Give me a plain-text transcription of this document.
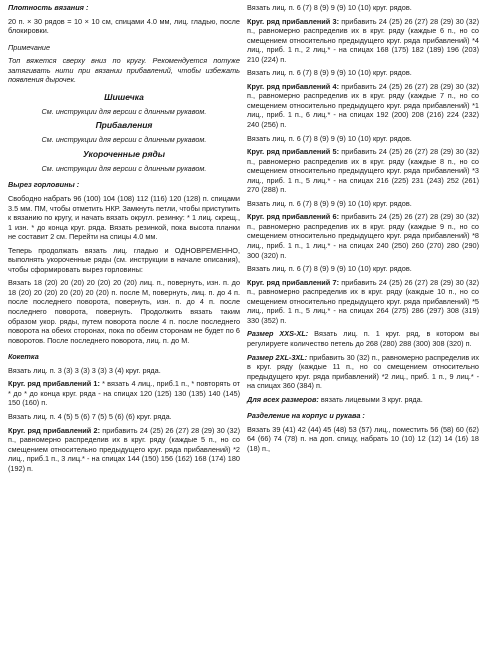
Плотность вязания :

20 п. × 30 рядов = 10 × 10 см, спицами 4.0 мм, лиц. гладью, после блокировки.

Примечание

Топ вяжется сверху вниз по кругу. Рекомендуется потуже затягивать нити при вязании прибавлений, чтобы избежать появления дырочек.

Шишечка

См. инструкции для версии с длинным рукавом.

Прибавления

См. инструкции для версии с длинным рукавом.

Укороченные ряды

См. инструкции для версии с длинным рукавом.

Вырез горловины :

Свободно набрать 96 (100) 104 (108) 112 (116) 120 (128) п. спицами 3.5 мм. ПМ, чтобы отметить НКР. Замкнуть петли, чтобы приступить к вязанию по кругу, и начать вязать округл. резинку: * 1 лиц. скрещ., 1 изн. * до конца круг. ряда. Вязать резинкой, пока высота планки не составит 2 см. Перейти на спицы 4.0 мм.

Теперь продолжать вязать лиц. гладью и ОДНОВРЕМЕННО, выполнять укороченные ряды (см. инструкции в начале описания), чтобы сформировать вырез горловины:

Вязать 18 (20) 20 (20) 20 (20) 20 (20) лиц. п., повернуть, изн. п. до 18 (20) 20 (20) 20 (20) 20 (20) п. после М, повернуть, лиц. п. до 4 п. после последнего поворота, повернуть, изн. п. до 4 п. после последнего поворота, повернуть. Продолжить вязать таким образом укор. ряды, путем поворота после 4 п. после последнего поворота на обеих сторонах, пока по обеим сторонам не будет по 6 поворотов. После последнего поворота, лиц. п. до М.

Кокетка

Вязать лиц. п. 3 (3) 3 (3) 3 (3) 3 (4) круг. ряда.

Круг. ряд прибавлений 1: * вязать 4 лиц., приб.1 п., * повторять от * до * до конца круг. ряда - на спицах 120 (125) 130 (135) 140 (145) 150 (160) п.

Вязать лиц. п. 4 (5) 5 (6) 7 (5) 5 (6) (6) круг. ряда.

Круг. ряд прибавлений 2: прибавить 24 (25) 26 (27) 28 (29) 30 (32) п., равномерно распределив их в круг. ряду (каждые 5 п., но со смещением относительно предыдущего круг. ряда прибавлений) *2 лиц., приб.1 п., 3 лиц.* - на спицах 144 (150) 156 (162) 168 (174) 180 (192) п.

Вязать лиц. п. 6 (7) 8 (9) 9 (9) 10 (10) круг. рядов.

Круг. ряд прибавлений 3: прибавить 24 (25) 26 (27) 28 (29) 30 (32) п., равномерно распределив их в круг. ряду (каждые 6 п., но со смещением относительно предыдущего круг. ряда прибавлений) *4 лиц., приб. 1 п., 2 лиц.* - на спицах 168 (175) 182 (189) 196 (203) 210 (224) п.

Вязать лиц. п. 6 (7) 8 (9) 9 (9) 10 (10) круг. рядов.

Круг. ряд прибавлений 4: прибавить 24 (25) 26 (27) 28 (29) 30 (32) п., равномерно распределив их в круг. ряду (каждые 7 п., но со смещением относительно предыдущего круг. ряда прибавлений) *1 лиц., приб. 1 п., 6 лиц.* - на спицах 192 (200) 208 (216) 224 (232) 240 (256) п.

Вязать лиц. п. 6 (7) 8 (9) 9 (9) 10 (10) круг. рядов.

Круг. ряд прибавлений 5: прибавить 24 (25) 26 (27) 28 (29) 30 (32) п., равномерно распределив их в круг. ряду (каждые 8 п., но со смещением относительно предыдущего круг. ряда прибавлений) *3 лиц., приб. 1 п., 5 лиц.* - на спицах 216 (225) 231 (243) 252 (261) 270 (288) п.

Вязать лиц. п. 6 (7) 8 (9) 9 (9) 10 (10) круг. рядов.

Круг. ряд прибавлений 6: прибавить 24 (25) 26 (27) 28 (29) 30 (32) п., равномерно распределив их в круг. ряду (каждые 9 п., но со смещением относительно предыдущего круг. ряда прибавлений) *8 лиц., приб. 1 п., 1 лиц.* - на спицах 240 (250) 260 (270) 280 (290) 300 (320) п.

Вязать лиц. п. 6 (7) 8 (9) 9 (9) 10 (10) круг. рядов.

Круг. ряд прибавлений 7: прибавить 24 (25) 26 (27) 28 (29) 30 (32) п., равномерно распределив их в круг. ряду (каждые 10 п., но со смещением относительно предыдущего круг. ряда прибавлений) *5 лиц., приб. 1 п., 5 лиц.* - на спицах 264 (275) 286 (297) 308 (319) 330 (352) п.

Размер XXS-XL: Вязать лиц. п. 1 круг. ряд, в котором вы регулируете количество петель до 268 (280) 288 (300) 308 (320) п.

Размер 2XL-3XL: прибавить 30 (32) п., равномерно распределив их в круг. ряду (каждые 11 п., но со смещением относительно предыдущего круг. ряда прибавлений) *2 лиц., приб. 1 п., 9 лиц.* - на спицах 360 (384) п.

Для всех размеров: вязать лицевыми 3 круг. ряда.

Разделение на корпус и рукава :

Вязать 39 (41) 42 (44) 45 (48) 53 (57) лиц., поместить 56 (58) 60 (62) 64 (66) 74 (78) п. на доп. спицу, набрать 10 (10) 12 (12) 14 (16) 18 (18) п.,
